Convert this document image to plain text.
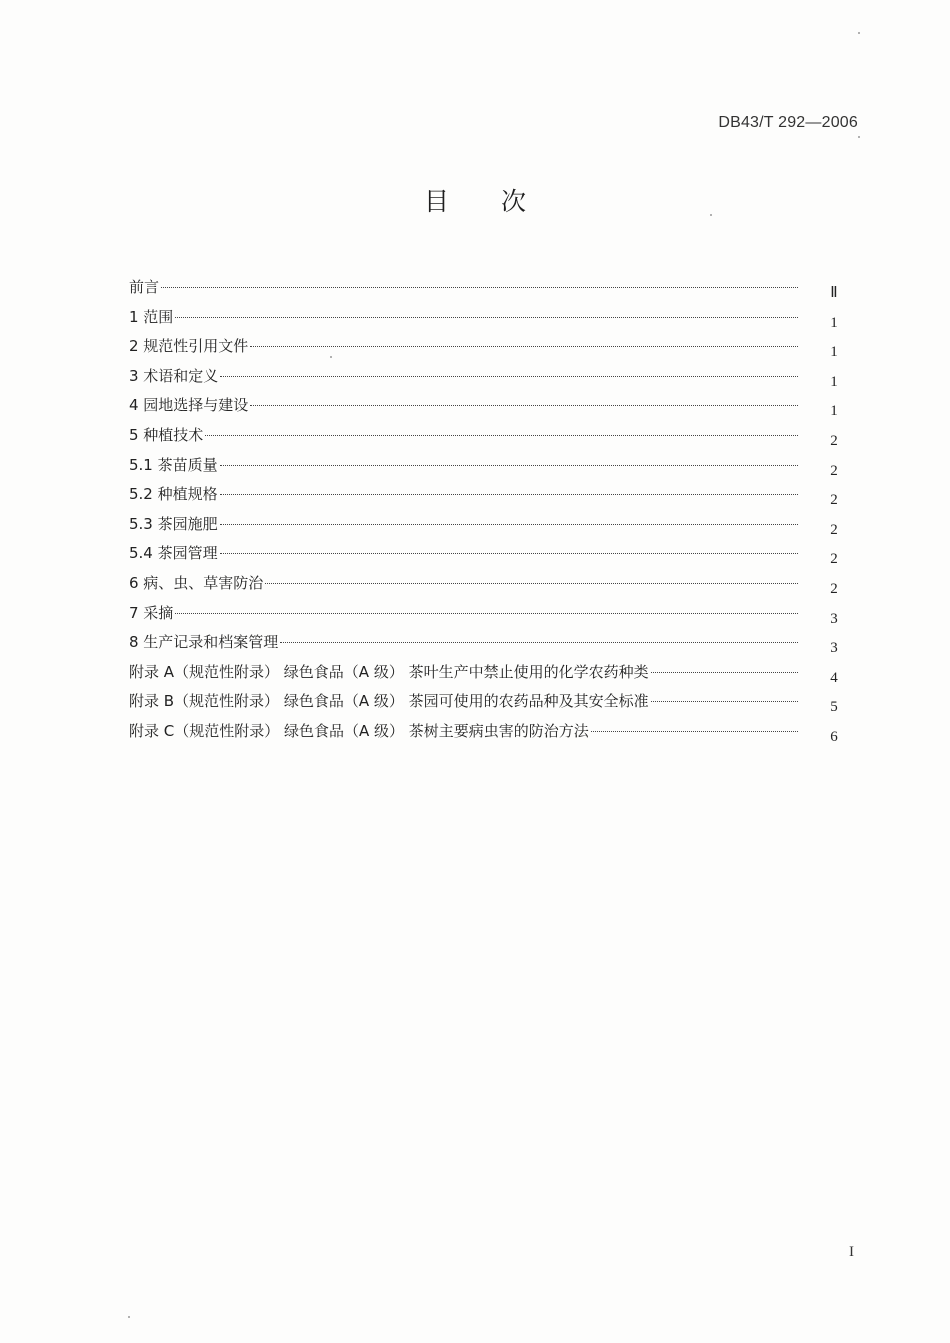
DB43/T 292—2006
目 次
前言	Ⅱ
1 范围	1
2 规范性引用文件	1
3 术语和定义	1
4 园地选择与建设	1
5 种植技术	2
5.1 茶苗质量	2
5.2 种植规格	2
5.3 茶园施肥	2
5.4 茶园管理	2
6 病、虫、草害防治	2
7 采摘	3
8 生产记录和档案管理	3
附录 A（规范性附录） 绿色食品（A 级） 茶叶生产中禁止使用的化学农药种类	4
附录 B（规范性附录） 绿色食品（A 级） 茶园可使用的农药品种及其安全标准	5
附录 C（规范性附录） 绿色食品（A 级） 茶树主要病虫害的防治方法	6
I
